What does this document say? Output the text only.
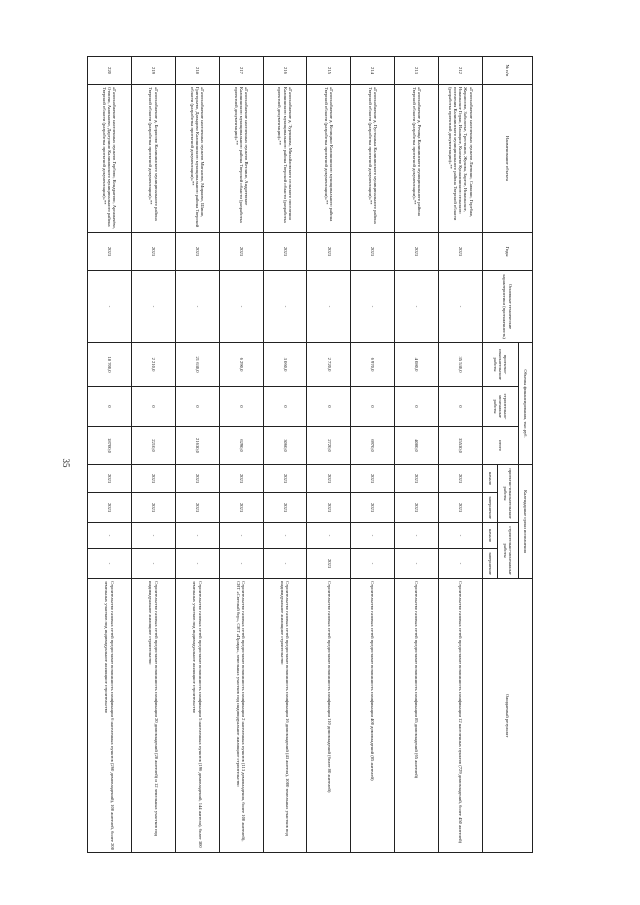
35
№ п/п	Наименование объекта	Годы	Основные технические характеристики (протяженность)	Объемы финансирования, тыс.руб.			Календарные сроки исполнения				Ожидаемый результат
				проектно-изыскательские работы	строительно-монтажные работы	итого	проектно-изыскательские работы		строительно-монтажные работы		
							начало	завершение	начало	завершение	
212	«Газоснабжение населенных пунктов Литвино, Савкино, Горебжо, Жорносово, Заболотье, Тресткино, Жукова, Зарезе, Никольское, Никольское Горки, Ильицкое, Князьево Кушалинского сельского поселения Калининского муниципального района Тверской области (разработка проектной документации)»**	2023	-	35 530,0	0	35530,0	2023	2023	-	-	Строительство газовых сетей предоставит возможность газификации 12 населенных пунктов (729 домовладений, более 450 жителей)
213	«Газоснабжение д. Речица Калининского муниципального района Тверской области (разработка проектной документации)»**	2023	-	4 080,0	0	4080,0	2023	2023	-	-	Строительство газовых сетей предоставит возможность газификации 85 домовладений (65 жителей)
214	«Газоснабжение д. Пустынька Калининского муниципального района Тверской области (разработка проектной документации)»**	2023	-	6 970,0	0	6970,0	2023	2023	-	-	Строительство газовых сетей предоставит возможность газификации 400 домовладений (85 жителей)
215	«Газоснабжение д. Козицино Калининского муниципального района Тверской области (разработка проектной документации)»**	2023	-	2 720,0	0	2720,0	2023	2023	-	2023	Строительство газовых сетей предоставит возможность газификации 110 домовладений (более 80 жителей)
216	«Газоснабжение д. Турчинова, Михайловского сельского поселения Калининского муниципального района Тверской области (разработка проектной документации)»**	2023	-	3 060,0	0	3060,0	2023	2023	-	-	Строительство газовых сетей предоставит возможность газификации 16 домовладений (43 жителя), 1000 земельных участков под индивидуальное жилищное строительство
217	«Газоснабжение населенных пунктов Ветлино, Андреевское Калининского муниципального района Тверской области (разработка проектной документации)»**	2023	-	6 290,0	0	6290,0	2023	2023	-	-	Строительство газовых сетей предоставит возможность газификации 2 населенных пунктов (113 домовладения, более 100 жителей), СНТ «Светлый бор», СНТ «Правда», земельных участков под индивидуальное жилищное строительство
218	«Газоснабжение населенных пунктов Мигалово, Мирково, Шишо, Григорьево, Давыдово Калининского муниципального района Тверской области (разработка проектной документации)»**	2023	-	21 630,0	0	21630,0	2023	2023	-	-	Строительство газовых сетей предоставит возможность газификации 5 населенных пунктов (196 домовладений, 144 жителя), более 300 земельных участков под индивидуальное жилищное строительство
219	«Газоснабжение д. Борисово Калининского муниципального района Тверской области (разработка проектной документации)»**	2023	-	2 210,0	0	2210,0	2023	2023	-	-	Строительство газовых сетей предоставит возможность газификации 20 домовладений (28 жителей) и 12 земельных участков под индивидуальное жилищное строительство
220	«Газоснабжение населенных пунктов Горбово, Кондратово, Аргамачёво, Отмичи, Аниськово, Даргулино Калининского муниципального района Тверской области (разработка проектной документации)»**	2023	-	18 700,0	0	18700,0	2023	2023	-	-	Строительство газовых сетей предоставит возможность газификации 6 населенных пунктов (260 домовладений), 100 жителей, более 200 земельных участков под индивидуальное жилищное строительство
